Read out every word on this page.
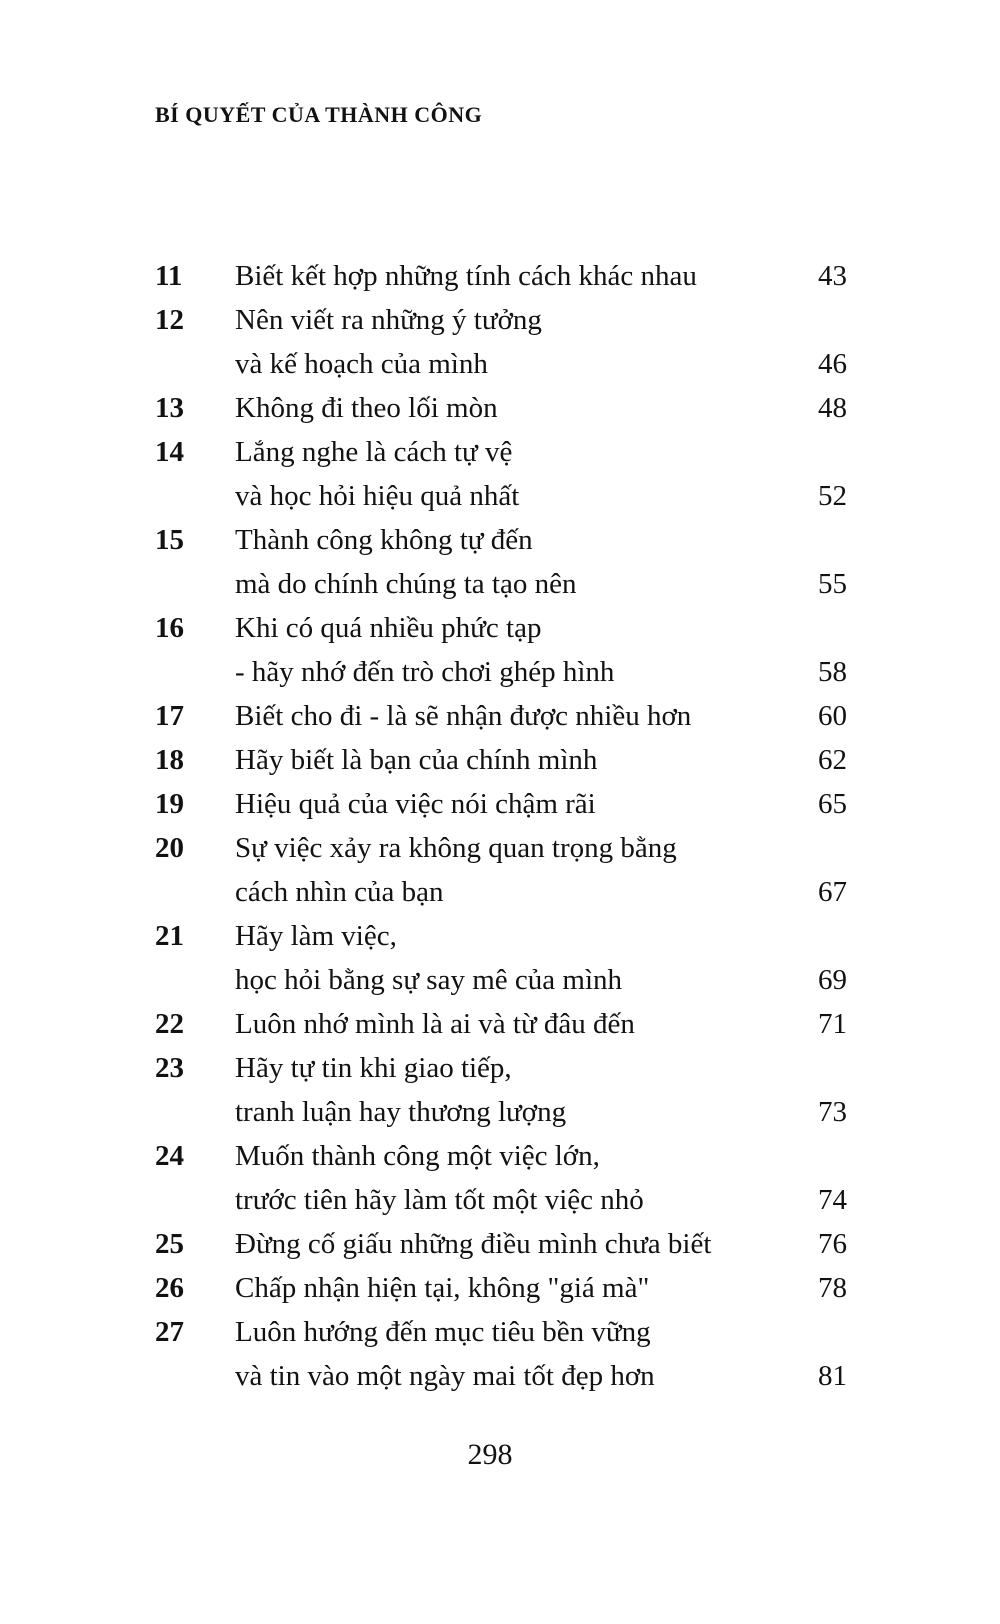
BÍ QUYẾT CỦA THÀNH CÔNG
11	Biết kết hợp những tính cách khác nhau	43
12	Nên viết ra những ý tưởng
và kế hoạch của mình	46
13	Không đi theo lối mòn	48
14	Lắng nghe là cách tự vệ
và học hỏi hiệu quả nhất	52
15	Thành công không tự đến
mà do chính chúng ta tạo nên	55
16	Khi có quá nhiều phức tạp
- hãy nhớ đến trò chơi ghép hình	58
17	Biết cho đi - là sẽ nhận được nhiều hơn	60
18	Hãy biết là bạn của chính mình	62
19	Hiệu quả của việc nói chậm rãi	65
20	Sự việc xảy ra không quan trọng bằng
cách nhìn của bạn	67
21	Hãy làm việc,
học hỏi bằng sự say mê của mình	69
22	Luôn nhớ mình là ai và từ đâu đến	71
23	Hãy tự tin khi giao tiếp,
tranh luận hay thương lượng	73
24	Muốn thành công một việc lớn,
trước tiên hãy làm tốt một việc nhỏ	74
25	Đừng cố giấu những điều mình chưa biết	76
26	Chấp nhận hiện tại, không "giá mà"	78
27	Luôn hướng đến mục tiêu bền vững
và tin vào một ngày mai tốt đẹp hơn	81
298
